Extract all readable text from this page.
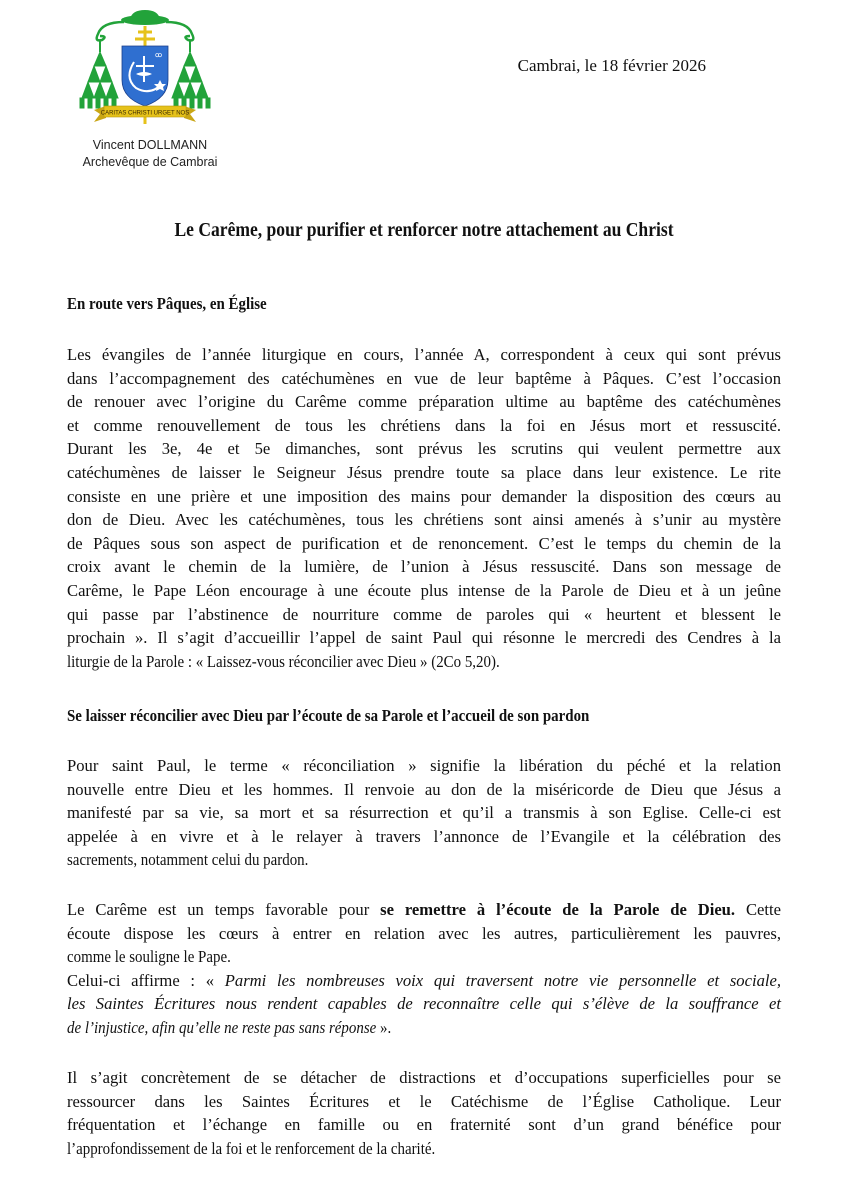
ꝏ
CARITAS CHRISTI URGET NOS
Vincent DOLLMANN
Archevêque de Cambrai
Cambrai, le 18 février 2026
Le Carême, pour purifier et renforcer notre attachement au Christ
En route vers Pâques, en Église
Les évangiles de l’année liturgique en cours, l’année A, correspondent à ceux qui sont prévus
dans l’accompagnement des catéchumènes en vue de leur baptême à Pâques. C’est l’occasion
de renouer avec l’origine du Carême comme préparation ultime au baptême des catéchumènes
et comme renouvellement de tous les chrétiens dans la foi en Jésus mort et ressuscité.
Durant les 3e, 4e et 5e dimanches, sont prévus les scrutins qui veulent permettre aux
catéchumènes de laisser le Seigneur Jésus prendre toute sa place dans leur existence. Le rite
consiste en une prière et une imposition des mains pour demander la disposition des cœurs au
don de Dieu. Avec les catéchumènes, tous les chrétiens sont ainsi amenés à s’unir au mystère
de Pâques sous son aspect de purification et de renoncement. C’est le temps du chemin de la
croix avant le chemin de la lumière, de l’union à Jésus ressuscité. Dans son message de
Carême, le Pape Léon encourage à une écoute plus intense de la Parole de Dieu et à un jeûne
qui passe par l’abstinence de nourriture comme de paroles qui « heurtent et blessent le
prochain ». Il s’agit d’accueillir l’appel de saint Paul qui résonne le mercredi des Cendres à la
liturgie de la Parole : « Laissez-vous réconcilier avec Dieu » (2Co 5,20).
Se laisser réconcilier avec Dieu par l’écoute de sa Parole et l’accueil de son pardon
Pour saint Paul, le terme « réconciliation » signifie la libération du péché et la relation
nouvelle entre Dieu et les hommes. Il renvoie au don de la miséricorde de Dieu que Jésus a
manifesté par sa vie, sa mort et sa résurrection et qu’il a transmis à son Eglise. Celle-ci est
appelée à en vivre et à le relayer à travers l’annonce de l’Evangile et la célébration des
sacrements, notamment celui du pardon.
Le Carême est un temps favorable pour se remettre à l’écoute de la Parole de Dieu. Cette
écoute dispose les cœurs à entrer en relation avec les autres, particulièrement les pauvres,
comme le souligne le Pape.
Celui-ci affirme : « Parmi les nombreuses voix qui traversent notre vie personnelle et sociale,
les Saintes Écritures nous rendent capables de reconnaître celle qui s’élève de la souffrance et
de l’injustice, afin qu’elle ne reste pas sans réponse ».
Il s’agit concrètement de se détacher de distractions et d’occupations superficielles pour se
ressourcer dans les Saintes Écritures et le Catéchisme de l’Église Catholique. Leur
fréquentation et l’échange en famille ou en fraternité sont d’un grand bénéfice pour
l’approfondissement de la foi et le renforcement de la charité.
